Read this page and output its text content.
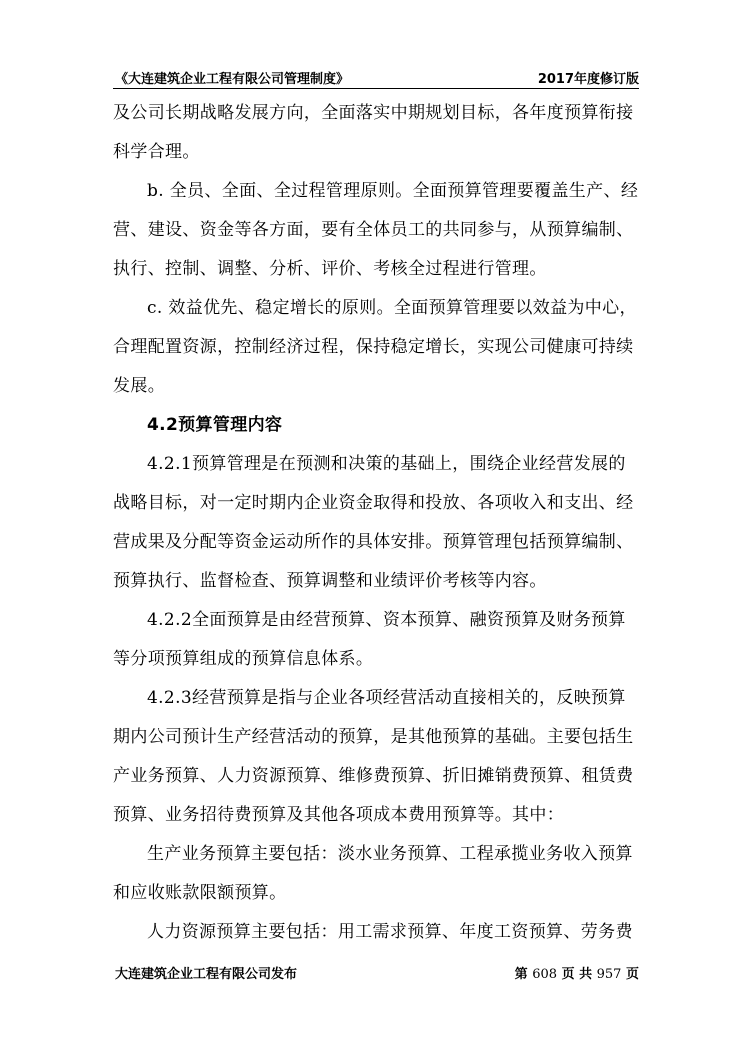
《大连建筑企业工程有限公司管理制度》	2017年度修订版

及公司长期战略发展方向，全面落实中期规划目标，各年度预算衔接科学合理。

b. 全员、全面、全过程管理原则。全面预算管理要覆盖生产、经营、建设、资金等各方面，要有全体员工的共同参与，从预算编制、执行、控制、调整、分析、评价、考核全过程进行管理。

c. 效益优先、稳定增长的原则。全面预算管理要以效益为中心，合理配置资源，控制经济过程，保持稳定增长，实现公司健康可持续发展。

4.2预算管理内容

4.2.1预算管理是在预测和决策的基础上，围绕企业经营发展的战略目标，对一定时期内企业资金取得和投放、各项收入和支出、经营成果及分配等资金运动所作的具体安排。预算管理包括预算编制、预算执行、监督检查、预算调整和业绩评价考核等内容。

4.2.2全面预算是由经营预算、资本预算、融资预算及财务预算等分项预算组成的预算信息体系。

4.2.3经营预算是指与企业各项经营活动直接相关的，反映预算期内公司预计生产经营活动的预算，是其他预算的基础。主要包括生产业务预算、人力资源预算、维修费预算、折旧摊销费预算、租赁费预算、业务招待费预算及其他各项成本费用预算等。其中：

生产业务预算主要包括：淡水业务预算、工程承揽业务收入预算和应收账款限额预算。

人力资源预算主要包括：用工需求预算、年度工资预算、劳务费

大连建筑企业工程有限公司发布	第 608 页 共 957 页
